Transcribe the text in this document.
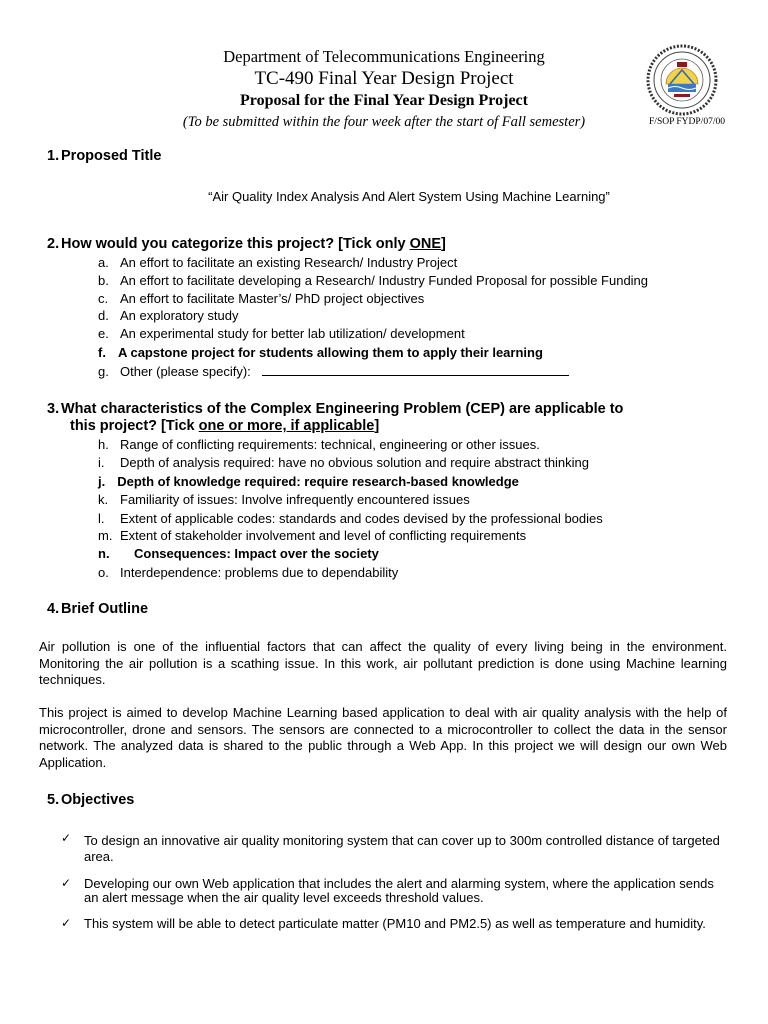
Department of Telecommunications Engineering
TC-490 Final Year Design Project
Proposal for the Final Year Design Project
(To be submitted within the four week after the start of Fall semester)	F/SOP FYDP/07/00
1. Proposed Title
“Air Quality Index Analysis And Alert System Using Machine Learning”
2. How would you categorize this project? [Tick only ONE]
a. An effort to facilitate an existing Research/ Industry Project
b. An effort to facilitate developing a Research/ Industry Funded Proposal for possible Funding
c. An effort to facilitate Master’s/ PhD project objectives
d. An exploratory study
e. An experimental study for better lab utilization/ development
f. A capstone project for students allowing them to apply their learning
g. Other (please specify):
3. What characteristics of the Complex Engineering Problem (CEP) are applicable to
this project? [Tick one or more, if applicable]
h. Range of conflicting requirements: technical, engineering or other issues.
i. Depth of analysis required: have no obvious solution and require abstract thinking
j. Depth of knowledge required: require research-based knowledge
k. Familiarity of issues: Involve infrequently encountered issues
l. Extent of applicable codes: standards and codes devised by the professional bodies
m. Extent of stakeholder involvement and level of conflicting requirements
n. Consequences: Impact over the society
o. Interdependence: problems due to dependability
4. Brief Outline
Air pollution is one of the influential factors that can affect the quality of every living being in the environment. Monitoring the air pollution is a scathing issue. In this work, air pollutant prediction is done using Machine learning techniques.
This project is aimed to develop Machine Learning based application to deal with air quality analysis with the help of microcontroller, drone and sensors. The sensors are connected to a microcontroller to collect the data in the sensor network. The analyzed data is shared to the public through a Web App. In this project we will design our own Web Application.
5. Objectives
✓ To design an innovative air quality monitoring system that can cover up to 300m controlled distance of targeted area.
✓ Developing our own Web application that includes the alert and alarming system, where the application sends an alert message when the air quality level exceeds threshold values.
✓ This system will be able to detect particulate matter (PM10 and PM2.5) as well as temperature and humidity.
